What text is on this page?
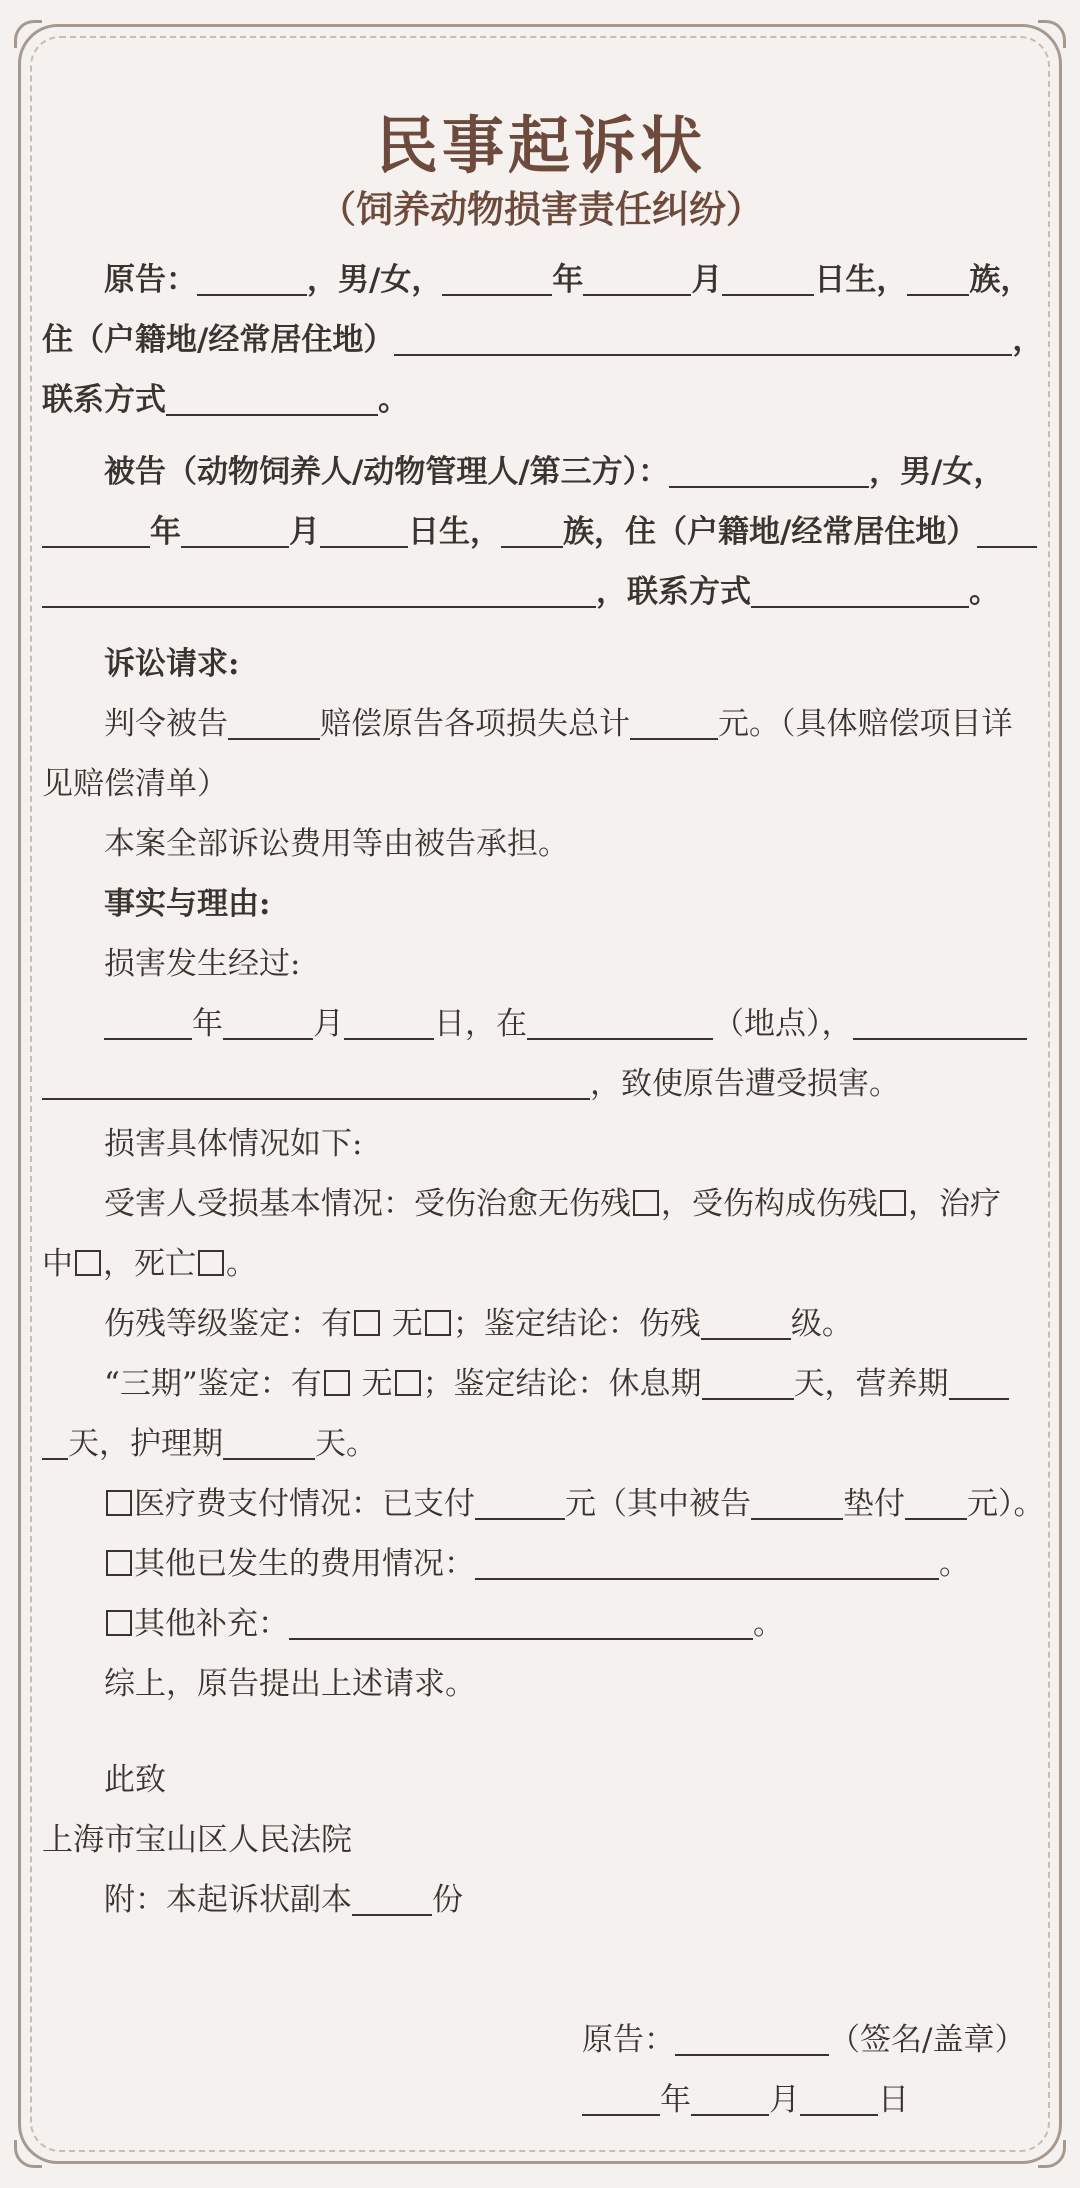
民事起诉状
（饲养动物损害责任纠纷）
原告：	，男/女，	年	月	日生， 族，
住（户籍地/经常居住地）	，
联系方式	。
被告（动物饲养人/动物管理人/第三方）：	，男/女，
年	月	日生， 族，住（户籍地/经常居住地）
，联系方式	。
诉讼请求:
判令被告	赔偿原告各项损失总计	元。（具体赔偿项目详
见赔偿清单）
本案全部诉讼费用等由被告承担。
事实与理由:
损害发生经过:
年	月	日，在	（地点），
，致使原告遭受损害。
损害具体情况如下:
受害人受损基本情况：受伤治愈无伤残 ，受伤构成伤残 ，治疗
中 ，死亡 。
伤残等级鉴定：有 无 ；鉴定结论：伤残	级。
“三期”鉴定：有 无 ；鉴定结论：休息期	天，营养期
天，护理期	天。
医疗费支付情况：已支付	元（其中被告	垫付 元）。
其他已发生的费用情况：	。
其他补充：	。
综上，原告提出上述请求。
此致
上海市宝山区人民法院
附：本起诉状副本	份
原告：	（签名/盖章）
年	月	日
